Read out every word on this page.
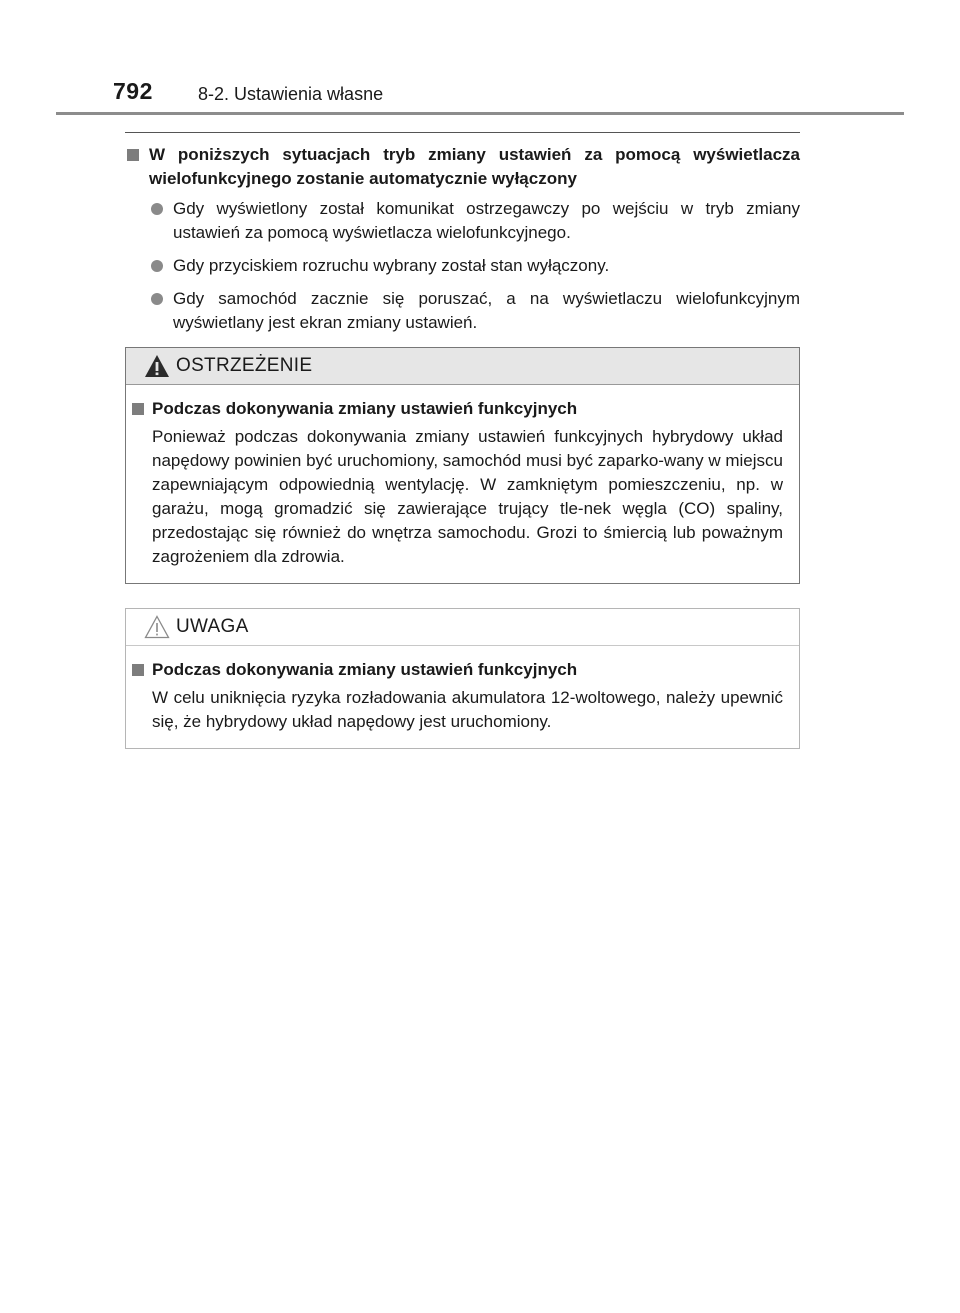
792	8-2. Ustawienia własne
W poniższych sytuacjach tryb zmiany ustawień za pomocą wyświetlacza wielofunkcyjnego zostanie automatycznie wyłączony
Gdy wyświetlony został komunikat ostrzegawczy po wejściu w tryb zmiany ustawień za pomocą wyświetlacza wielofunkcyjnego.
Gdy przyciskiem rozruchu wybrany został stan wyłączony.
Gdy samochód zacznie się poruszać, a na wyświetlaczu wielofunkcyjnym wyświetlany jest ekran zmiany ustawień.
OSTRZEŻENIE
Podczas dokonywania zmiany ustawień funkcyjnych

Ponieważ podczas dokonywania zmiany ustawień funkcyjnych hybrydowy układ napędowy powinien być uruchomiony, samochód musi być zaparko-wany w miejscu zapewniającym odpowiednią wentylację. W zamkniętym pomieszczeniu, np. w garażu, mogą gromadzić się zawierające trujący tle-nek węgla (CO) spaliny, przedostając się również do wnętrza samochodu. Grozi to śmiercią lub poważnym zagrożeniem dla zdrowia.

UWAGA
Podczas dokonywania zmiany ustawień funkcyjnych

W celu uniknięcia ryzyka rozładowania akumulatora 12-woltowego, należy upewnić się, że hybrydowy układ napędowy jest uruchomiony.
